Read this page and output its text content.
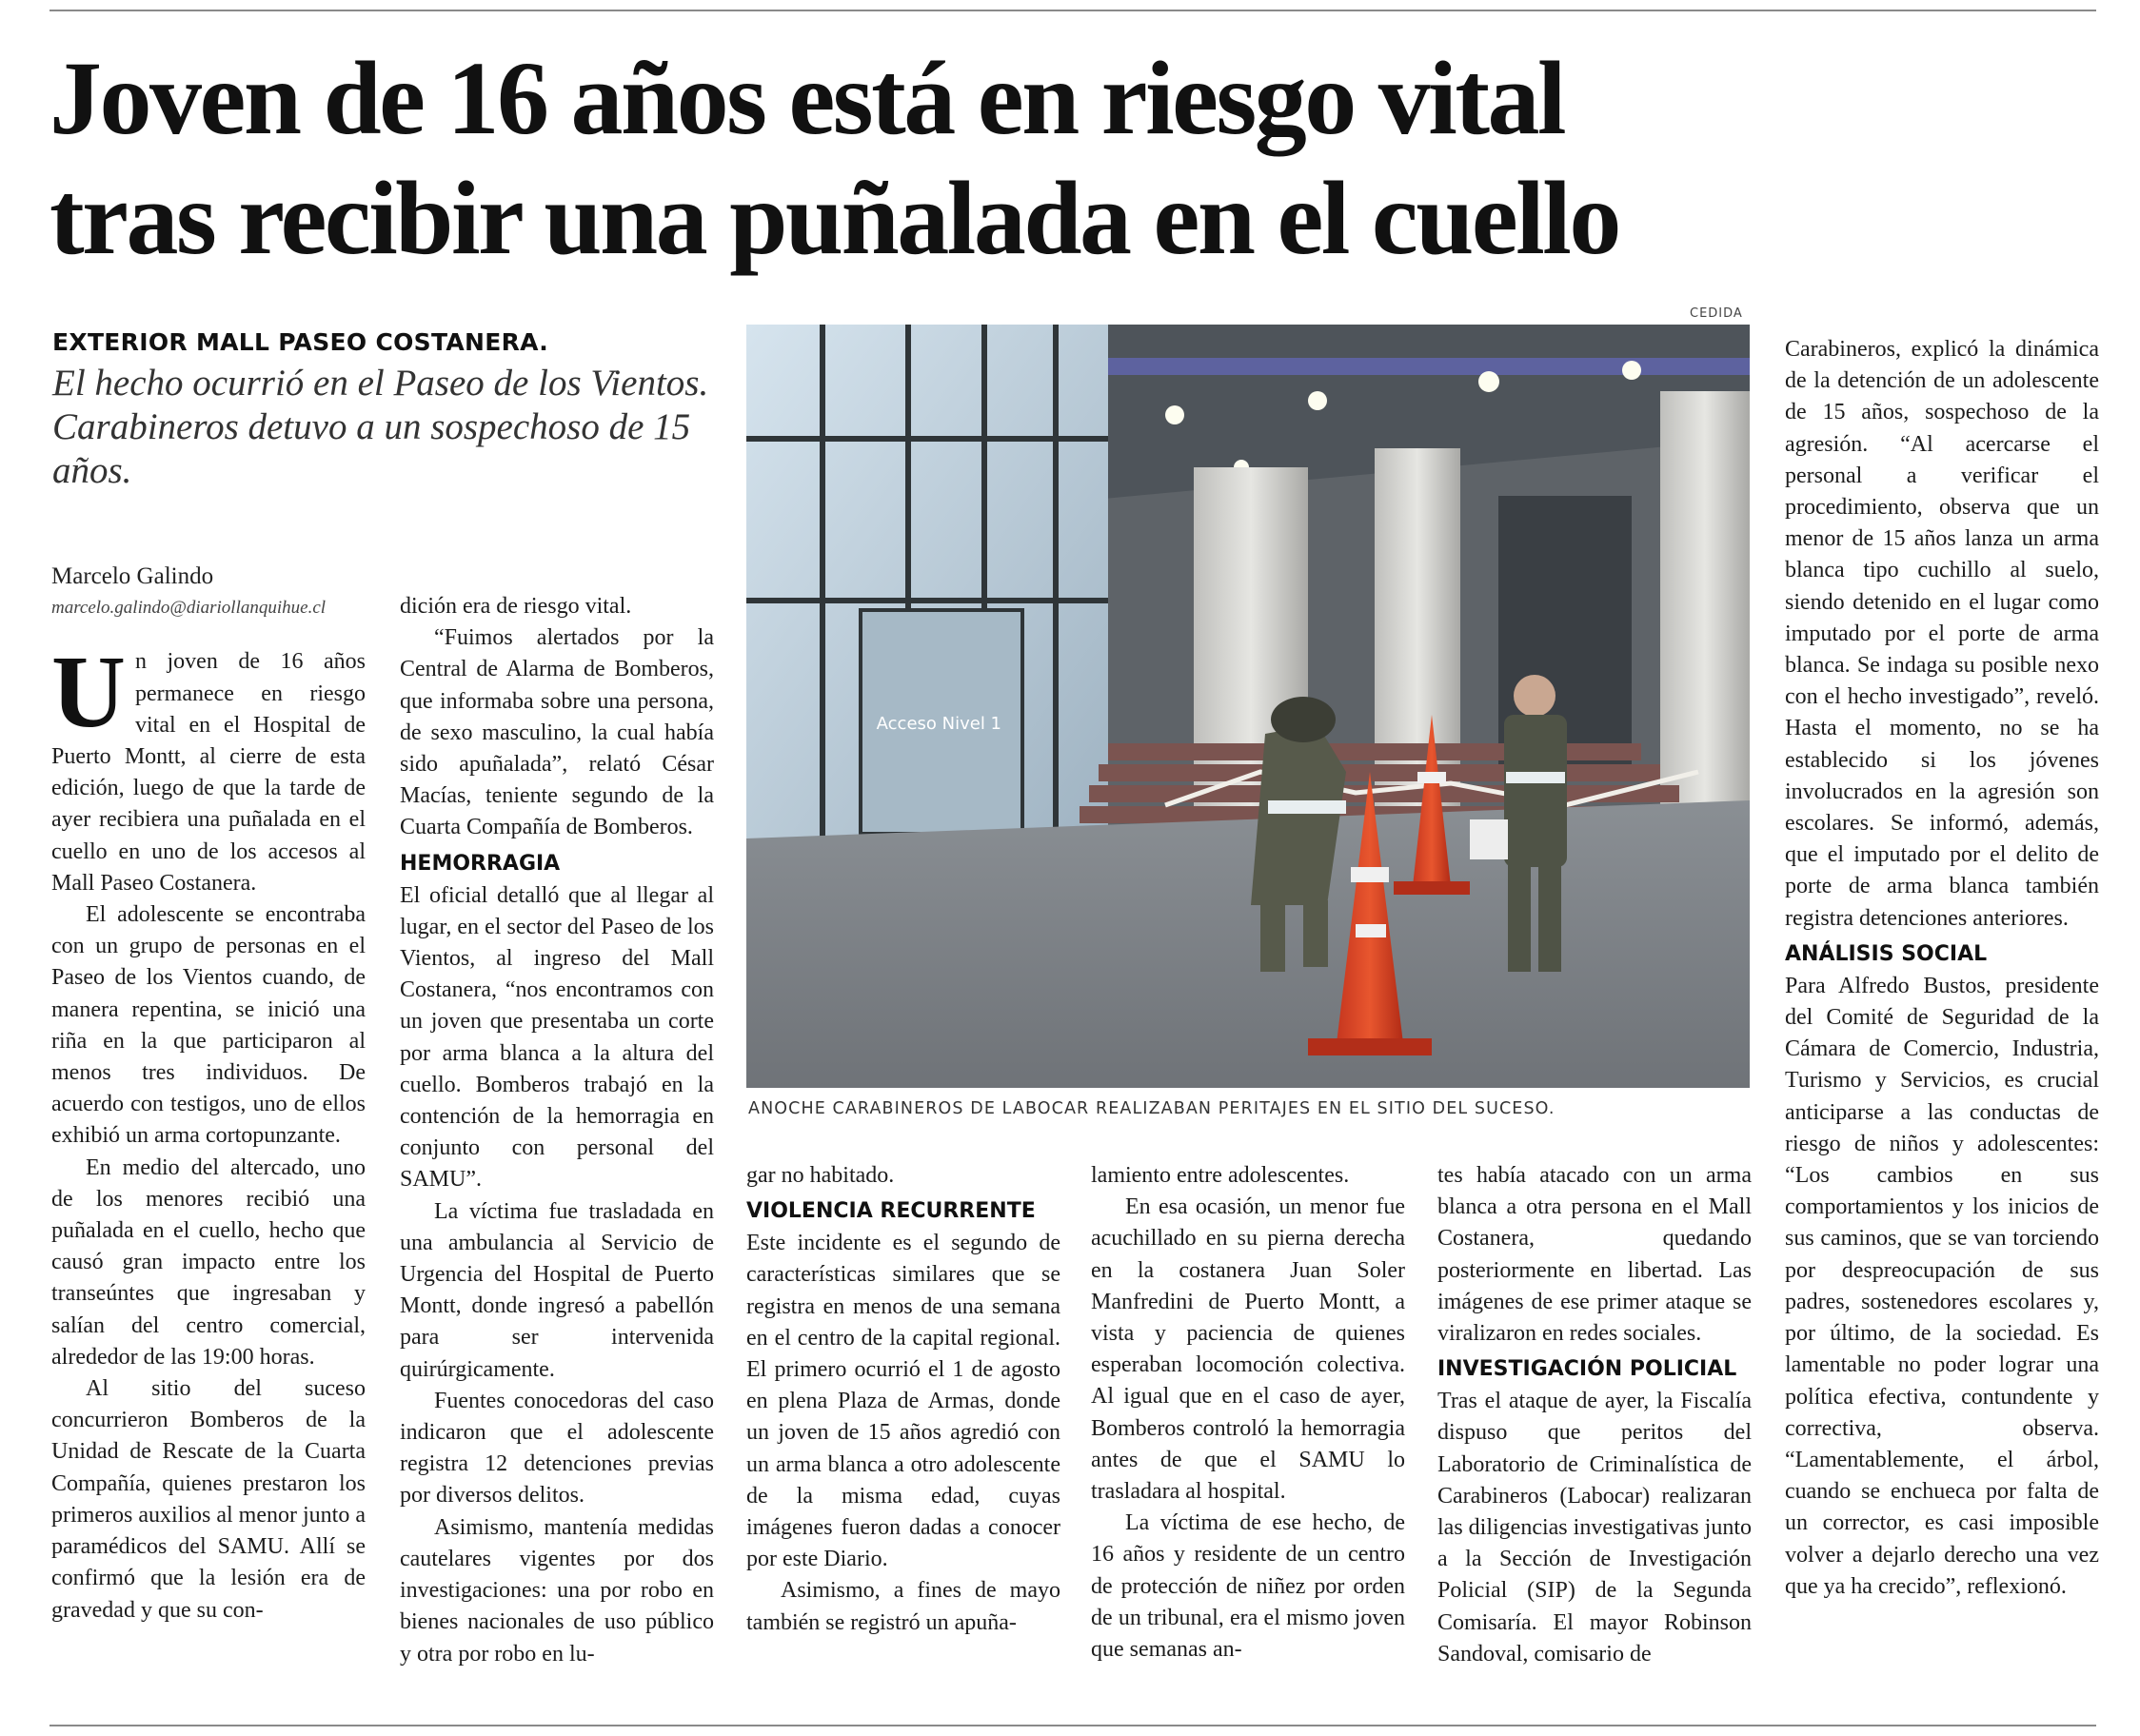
Joven de 16 años está en riesgo vital
tras recibir una puñalada en el cuello
EXTERIOR MALL PASEO COSTANERA.

El hecho ocurrió en el Paseo de los Vientos. Carabineros detuvo a un sospechoso de 15 años.

CEDIDA
Acceso Nivel 1
ANOCHE CARABINEROS DE LABOCAR REALIZABAN PERITAJES EN EL SITIO DEL SUCESO.
Marcelo Galindo
marcelo.galindo@diariollanquihue.cl

Un joven de 16 años permanece en riesgo vital en el Hospital de Puerto Montt, al cierre de esta edición, luego de que la tarde de ayer recibiera una puñalada en el cuello en uno de los accesos al Mall Paseo Costanera.

El adolescente se encontraba con un grupo de personas en el Paseo de los Vientos cuando, de manera repentina, se inició una riña en la que participaron al menos tres individuos. De acuerdo con testigos, uno de ellos exhibió un arma cortopunzante.

En medio del altercado, uno de los menores recibió una puñalada en el cuello, hecho que causó gran impacto entre los transeúntes que ingresaban y salían del centro comercial, alrededor de las 19:00 horas.

Al sitio del suceso concurrieron Bomberos de la Unidad de Rescate de la Cuarta Compañía, quienes prestaron los primeros auxilios al menor junto a paramédicos del SAMU. Allí se confirmó que la lesión era de gravedad y que su con-

dición era de riesgo vital.

“Fuimos alertados por la Central de Alarma de Bomberos, que informaba sobre una persona, de sexo masculino, la cual había sido apuñalada”, relató César Macías, teniente segundo de la Cuarta Compañía de Bomberos.

HEMORRAGIA

El oficial detalló que al llegar al lugar, en el sector del Paseo de los Vientos, al ingreso del Mall Costanera, “nos encontramos con un joven que presentaba un corte por arma blanca a la altura del cuello. Bomberos trabajó en la contención de la hemorragia en conjunto con personal del SAMU”.

La víctima fue trasladada en una ambulancia al Servicio de Urgencia del Hospital de Puerto Montt, donde ingresó a pabellón para ser intervenida quirúrgicamente.

Fuentes conocedoras del caso indicaron que el adolescente registra 12 detenciones previas por diversos delitos.

Asimismo, mantenía medidas cautelares vigentes por dos investigaciones: una por robo en bienes nacionales de uso público y otra por robo en lu-

gar no habitado.

VIOLENCIA RECURRENTE

Este incidente es el segundo de características similares que se registra en menos de una semana en el centro de la capital regional. El primero ocurrió el 1 de agosto en plena Plaza de Armas, donde un joven de 15 años agredió con un arma blanca a otro adolescente de la misma edad, cuyas imágenes fueron dadas a conocer por este Diario.

Asimismo, a fines de mayo también se registró un apuña-

lamiento entre adolescentes.

En esa ocasión, un menor fue acuchillado en su pierna derecha en la costanera Juan Soler Manfredini de Puerto Montt, a vista y paciencia de quienes esperaban locomoción colectiva. Al igual que en el caso de ayer, Bomberos controló la hemorragia antes de que el SAMU lo trasladara al hospital.

La víctima de ese hecho, de 16 años y residente de un centro de protección de niñez por orden de un tribunal, era el mismo joven que semanas an-

tes había atacado con un arma blanca a otra persona en el Mall Costanera, quedando posteriormente en libertad. Las imágenes de ese primer ataque se viralizaron en redes sociales.

INVESTIGACIÓN POLICIAL

Tras el ataque de ayer, la Fiscalía dispuso que peritos del Laboratorio de Criminalística de Carabineros (Labocar) realizaran las diligencias investigativas junto a la Sección de Investigación Policial (SIP) de la Segunda Comisaría. El mayor Robinson Sandoval, comisario de

Carabineros, explicó la dinámica de la detención de un adolescente de 15 años, sospechoso de la agresión. “Al acercarse el personal a verificar el procedimiento, observa que un menor de 15 años lanza un arma blanca tipo cuchillo al suelo, siendo detenido en el lugar como imputado por el porte de arma blanca. Se indaga su posible nexo con el hecho investigado”, reveló. Hasta el momento, no se ha establecido si los jóvenes involucrados en la agresión son escolares. Se informó, además, que el imputado por el delito de porte de arma blanca también registra detenciones anteriores.

ANÁLISIS SOCIAL

Para Alfredo Bustos, presidente del Comité de Seguridad de la Cámara de Comercio, Industria, Turismo y Servicios, es crucial anticiparse a las conductas de riesgo de niños y adolescentes: “Los cambios en sus comportamientos y los inicios de sus caminos, que se van torciendo por despreocupación de sus padres, sostenedores escolares y, por último, de la sociedad. Es lamentable no poder lograr una política efectiva, contundente y correctiva, observa. “Lamentablemente, el árbol, cuando se enchueca por falta de un corrector, es casi imposible volver a dejarlo derecho una vez que ya ha crecido”, reflexionó.
